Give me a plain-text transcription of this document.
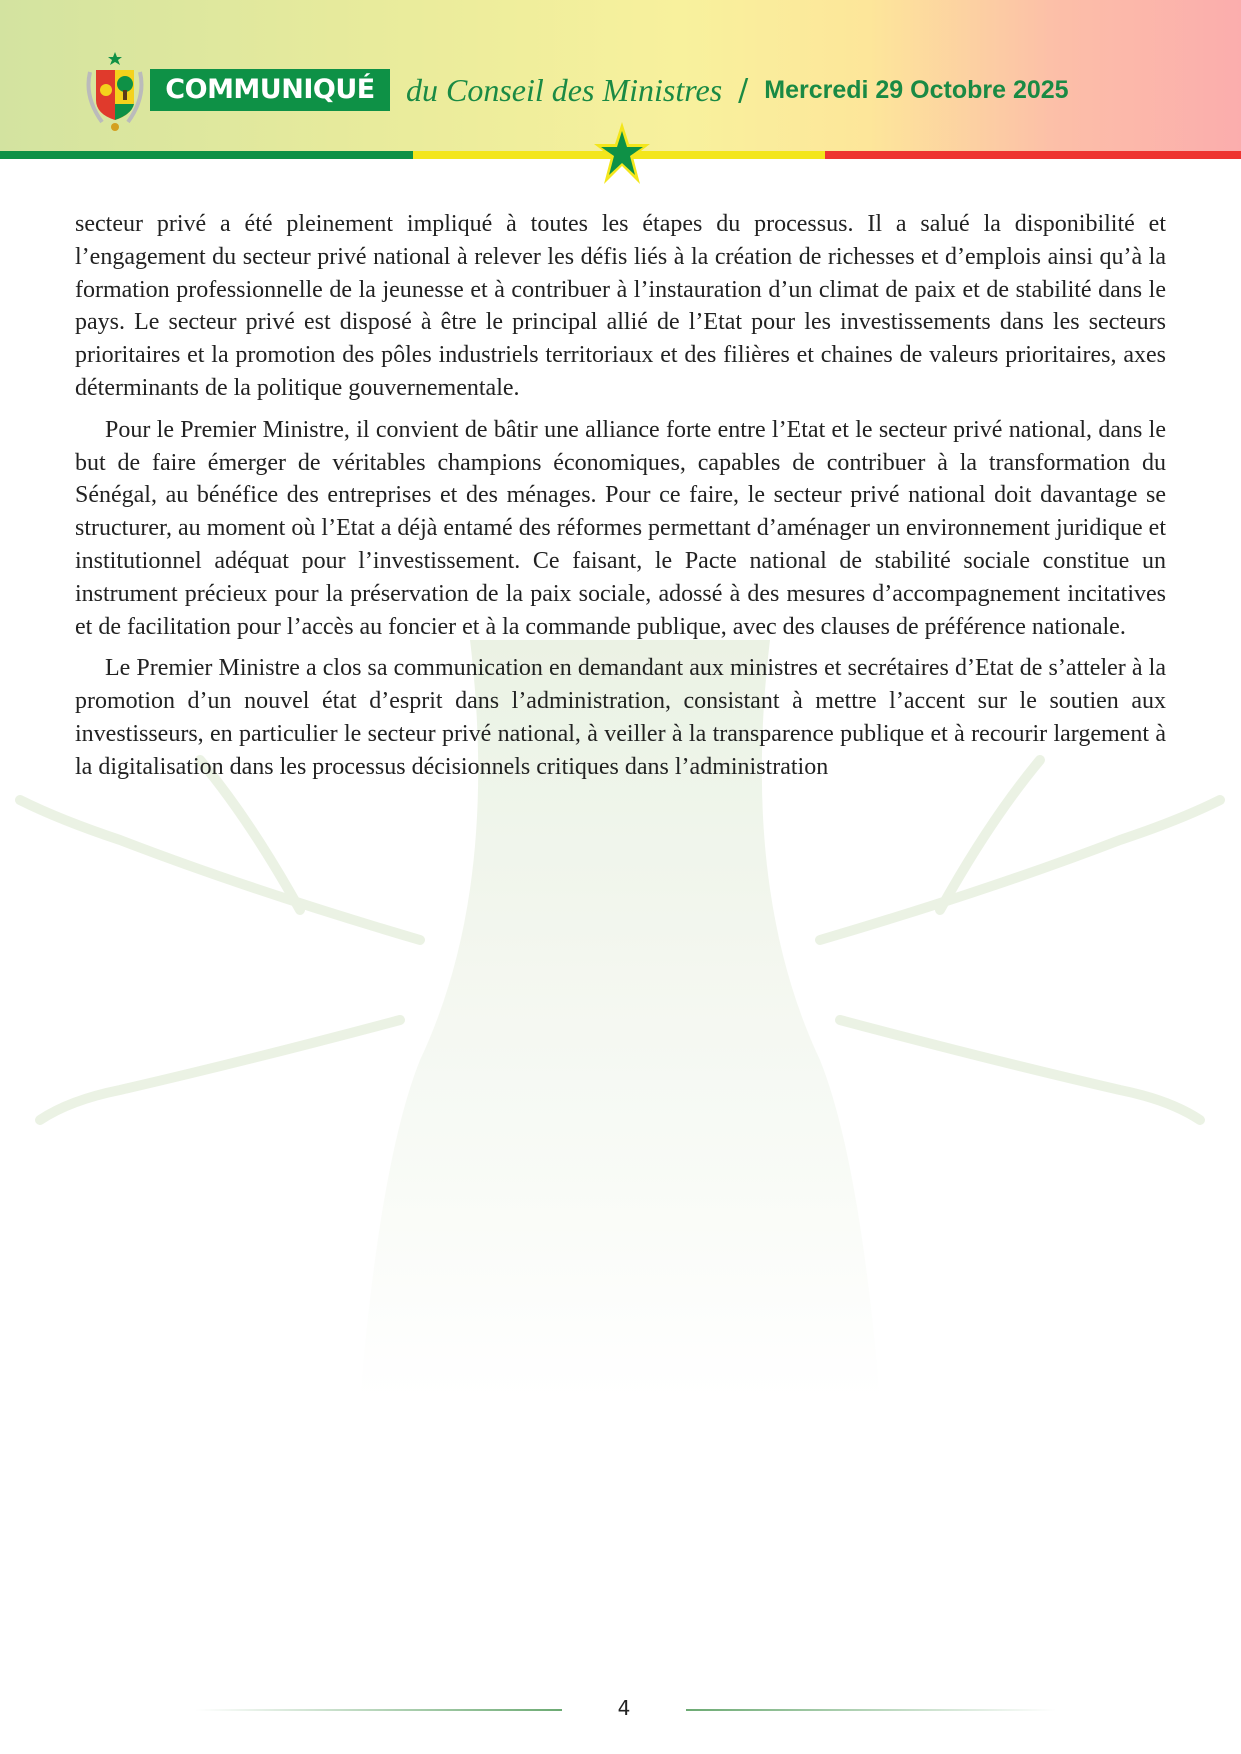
COMMUNIQUÉ du Conseil des Ministres / Mercredi 29 Octobre 2025

secteur privé a été pleinement impliqué à toutes les étapes du processus. Il a salué la disponibilité et l’engagement du secteur privé national à relever les défis liés à la création de richesses et d’emplois ainsi qu’à la formation professionnelle de la jeunesse et à contribuer à l’instauration d’un climat de paix et de stabilité dans le pays. Le secteur privé est disposé à être le principal allié de l’Etat pour les investissements dans les secteurs prioritaires et la promotion des pôles industriels territoriaux et des filières et chaines de valeurs prioritaires, axes déterminants de la politique gouvernementale.

Pour le Premier Ministre, il convient de bâtir une alliance forte entre l’Etat et le secteur privé national, dans le but de faire émerger de véritables champions économiques, capables de contribuer à la transformation du Sénégal, au bénéfice des entreprises et des ménages. Pour ce faire, le secteur privé national doit davantage se structurer, au moment où l’Etat a déjà entamé des réformes permettant d’aménager un environnement juridique et institutionnel adéquat pour l’investissement. Ce faisant, le Pacte national de stabilité sociale constitue un instrument précieux pour la préservation de la paix sociale, adossé à des mesures d’accompagnement incitatives et de facilitation pour l’accès au foncier et à la commande publique, avec des clauses de préférence nationale.

Le Premier Ministre a clos sa communication en demandant aux ministres et secrétaires d’Etat de s’atteler à la promotion d’un nouvel état d’esprit dans l’administration, consistant à mettre l’accent sur le soutien aux investisseurs, en particulier le secteur privé national, à veiller à la transparence publique et à recourir largement à la digitalisation dans les processus décisionnels critiques dans l’administration

4
